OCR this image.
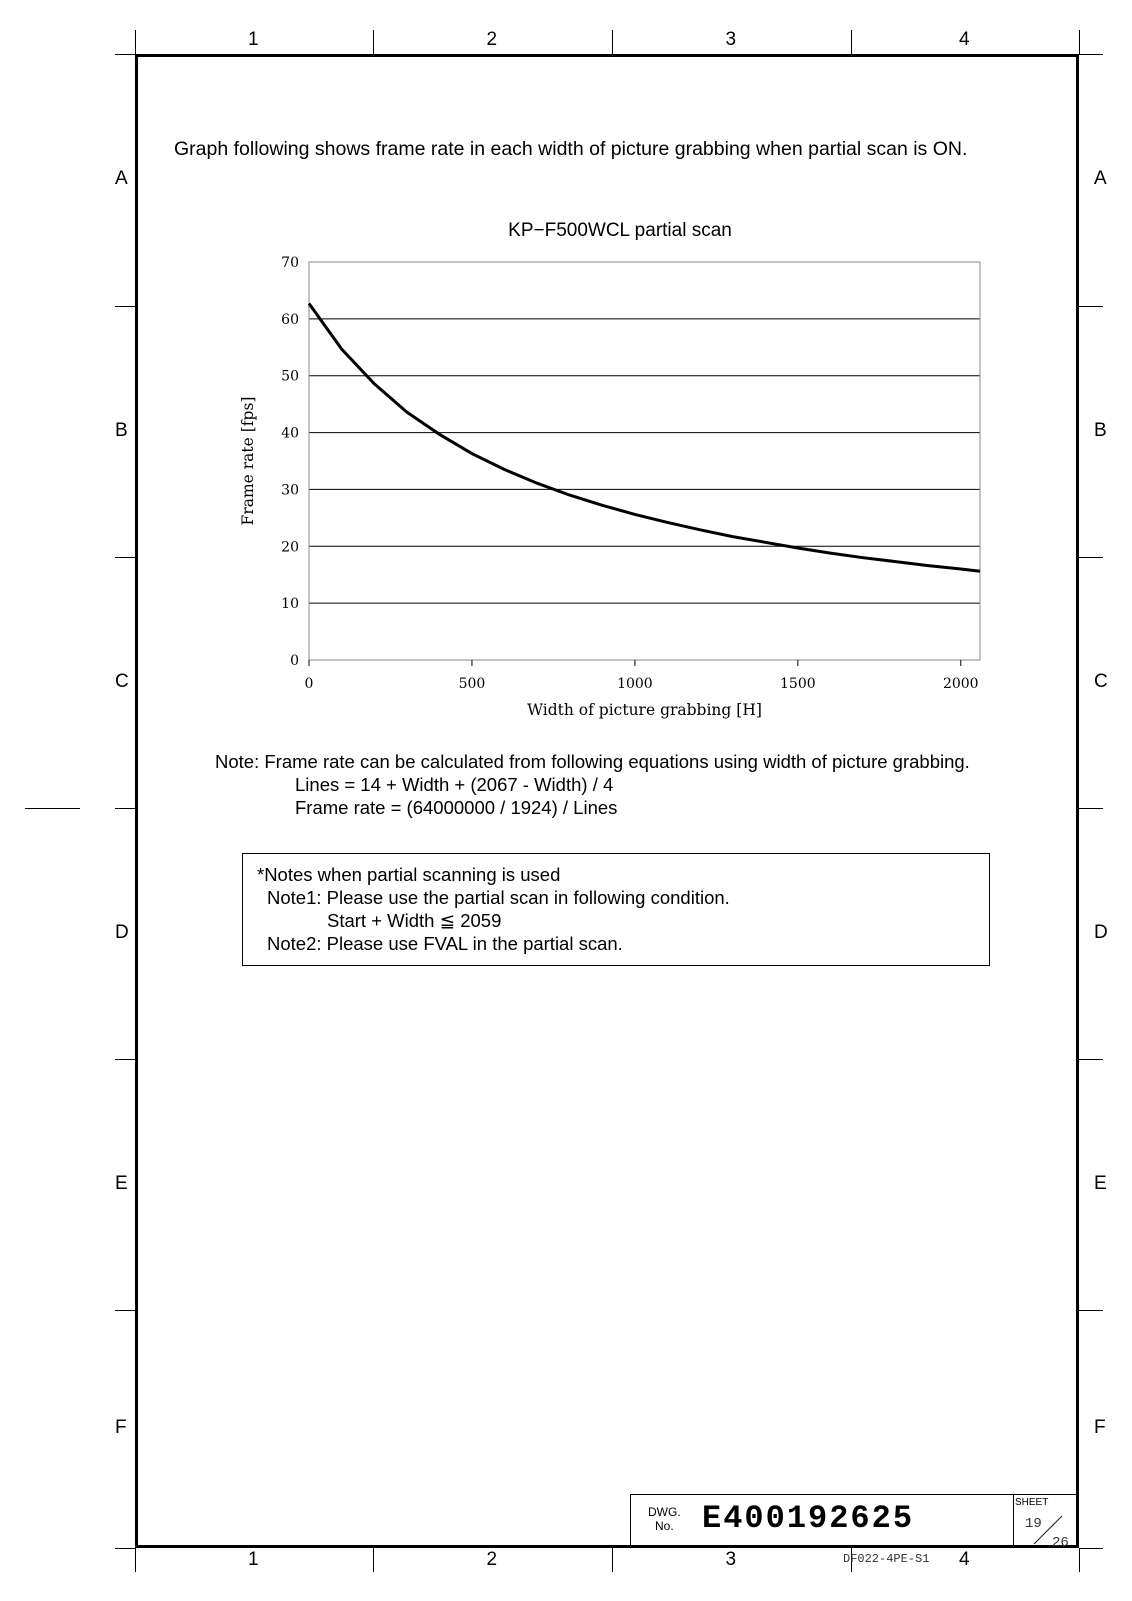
1
1
2
2
3
3
4
4
A	A
B	B
C	C
D	D
E	E
F	F
Graph following shows frame rate in each width of picture grabbing when partial scan is ON.
KP−F500WCL partial scan
0
10
20
30
40
50
60
70
0	500	1000	1500	2000
Width of picture grabbing [H]
Frame rate [fps]
Note: Frame rate can be calculated from following equations using width of picture grabbing.
Lines = 14 + Width + (2067 - Width) / 4
Frame rate = (64000000 / 1924) / Lines
*Notes when partial scanning is used
Note1: Please use the partial scan in following condition.
Start + Width ≦ 2059
Note2: Please use FVAL in the partial scan.
DWG.
No. E400192625	SHEET
19
26
DF022-4PE-S1
